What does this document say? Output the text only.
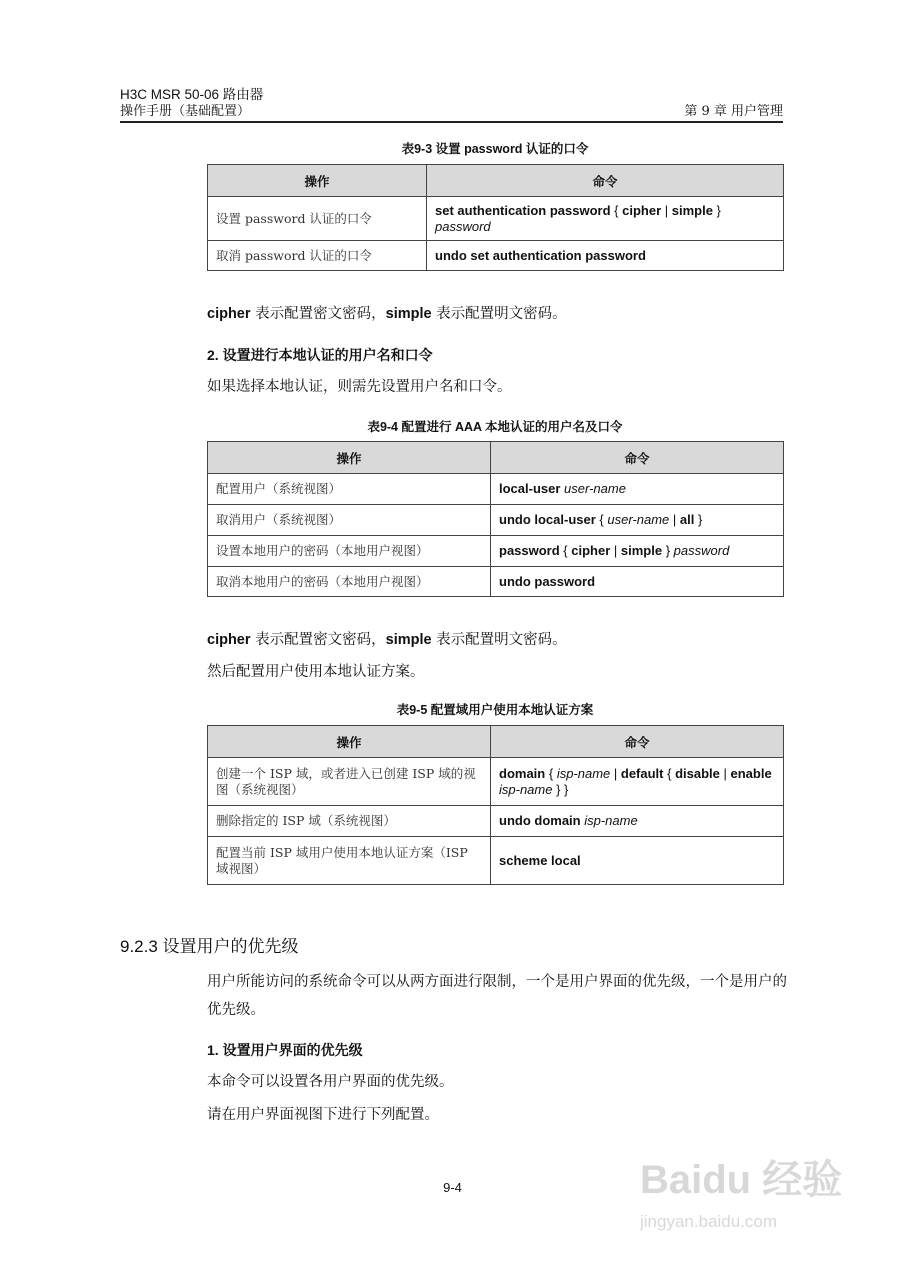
H3C MSR 50-06 路由器
操作手册（基础配置）	第 9 章 用户管理
表9-3 设置 password 认证的口令
操作	命令
设置 password 认证的口令	set authentication password { cipher | simple } password
取消 password 认证的口令	undo set authentication password
cipher 表示配置密文密码，simple 表示配置明文密码。
2. 设置进行本地认证的用户名和口令
如果选择本地认证，则需先设置用户名和口令。
表9-4 配置进行 AAA 本地认证的用户名及口令
操作	命令
配置用户（系统视图）	local-user user-name
取消用户（系统视图）	undo local-user { user-name | all }
设置本地用户的密码（本地用户视图）	password { cipher | simple } password
取消本地用户的密码（本地用户视图）	undo password
cipher 表示配置密文密码，simple 表示配置明文密码。
然后配置用户使用本地认证方案。
表9-5 配置域用户使用本地认证方案
操作	命令
创建一个 ISP 域，或者进入已创建 ISP 域的视图（系统视图）	domain { isp-name | default { disable | enable isp-name } }
删除指定的 ISP 域（系统视图）	undo domain isp-name
配置当前 ISP 域用户使用本地认证方案（ISP 域视图）	scheme local
9.2.3 设置用户的优先级
用户所能访问的系统命令可以从两方面进行限制，一个是用户界面的优先级，一个是用户的优先级。
1. 设置用户界面的优先级
本命令可以设置各用户界面的优先级。
请在用户界面视图下进行下列配置。
9-4	Baidu 经验
jingyan.baidu.com
